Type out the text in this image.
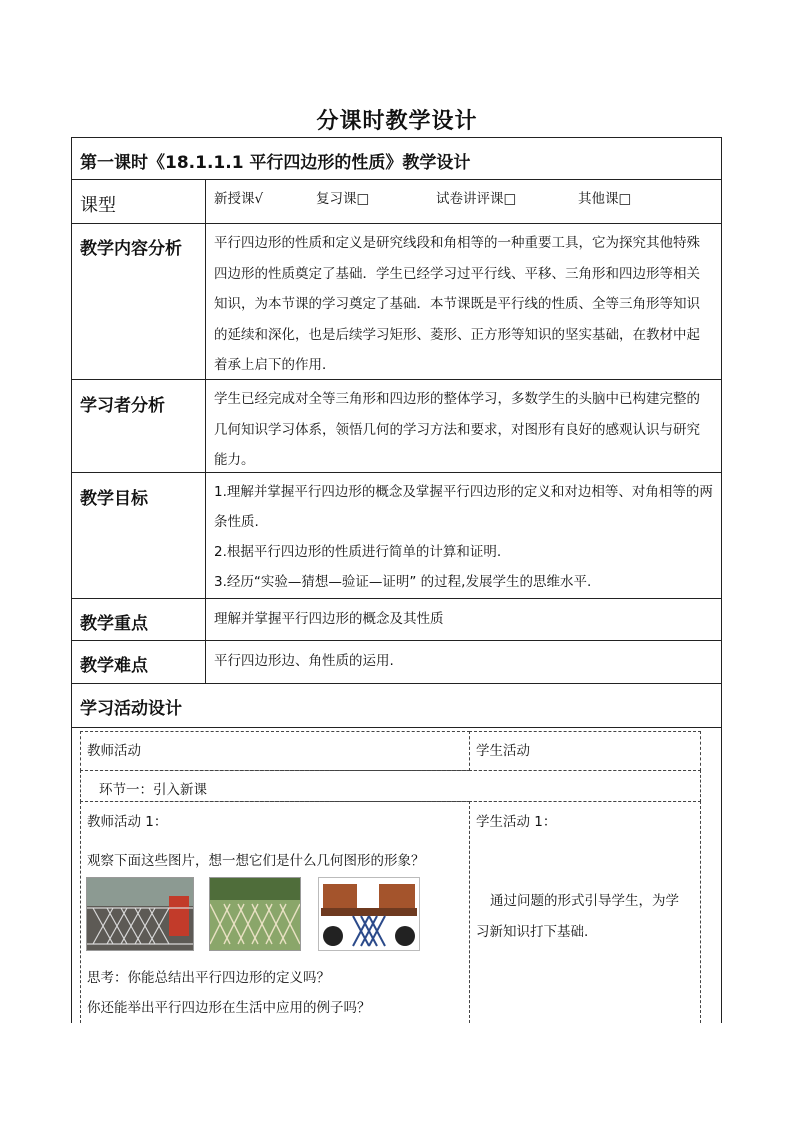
分课时教学设计
第一课时《18.1.1.1 平行四边形的性质》教学设计
课型	新授课√	复习课□	试卷讲评课□	其他课□
教学内容分析	平行四边形的性质和定义是研究线段和角相等的一种重要工具，它为探究其他特殊四边形的性质奠定了基础．学生已经学习过平行线、平移、三角形和四边形等相关知识，为本节课的学习奠定了基础．本节课既是平行线的性质、全等三角形等知识的延续和深化，也是后续学习矩形、菱形、正方形等知识的坚实基础，在教材中起着承上启下的作用．
学习者分析	学生已经完成对全等三角形和四边形的整体学习，多数学生的头脑中已构建完整的几何知识学习体系，领悟几何的学习方法和要求，对图形有良好的感观认识与研究能力。
教学目标	1.理解并掌握平行四边形的概念及掌握平行四边形的定义和对边相等、对角相等的两条性质.
2.根据平行四边形的性质进行简单的计算和证明.
3.经历“实验—猜想—验证—证明” 的过程,发展学生的思维水平.
教学重点	理解并掌握平行四边形的概念及其性质
教学难点	平行四边形边、角性质的运用.
学习活动设计
教师活动	学生活动
环节一：引入新课
教师活动 1：
观察下面这些图片，想一想它们是什么几何图形的形象？
思考：你能总结出平行四边形的定义吗？
你还能举出平行四边形在生活中应用的例子吗？
学生活动 1：
通过问题的形式引导学生，为学
习新知识打下基础.
